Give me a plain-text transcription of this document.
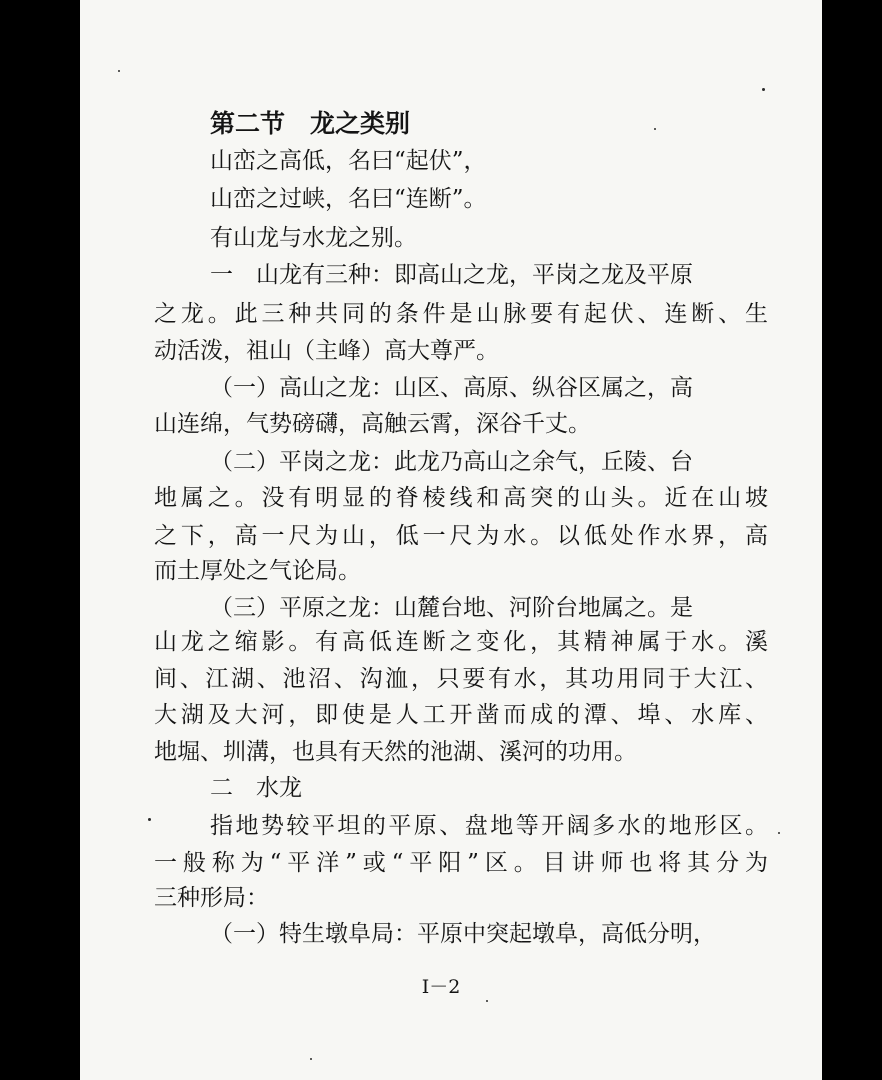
第二节　龙之类别
山峦之高低，名曰“起伏”，
山峦之过峡，名曰“连断”。
有山龙与水龙之别。
一　山龙有三种：即高山之龙，平岗之龙及平原
之龙。此三种共同的条件是山脉要有起伏、连断、生
动活泼，祖山（主峰）高大尊严。
（一）高山之龙：山区、高原、纵谷区属之，高
山连绵，气势磅礴，高触云霄，深谷千丈。
（二）平岗之龙：此龙乃高山之余气，丘陵、台
地属之。没有明显的脊棱线和高突的山头。近在山坡
之下，高一尺为山，低一尺为水。以低处作水界，高
而土厚处之气论局。
（三）平原之龙：山麓台地、河阶台地属之。是
山龙之缩影。有高低连断之变化，其精神属于水。溪
间、江湖、池沼、沟洫，只要有水，其功用同于大江、
大湖及大河，即使是人工开凿而成的潭、埠、水库、
地堀、圳溝，也具有天然的池湖、溪河的功用。
二　水龙
指地势较平坦的平原、盘地等开阔多水的地形区。
一般称为“平洋”或“平阳”区。目讲师也将其分为
三种形局：
（一）特生墩阜局：平原中突起墩阜，高低分明，
I－2
